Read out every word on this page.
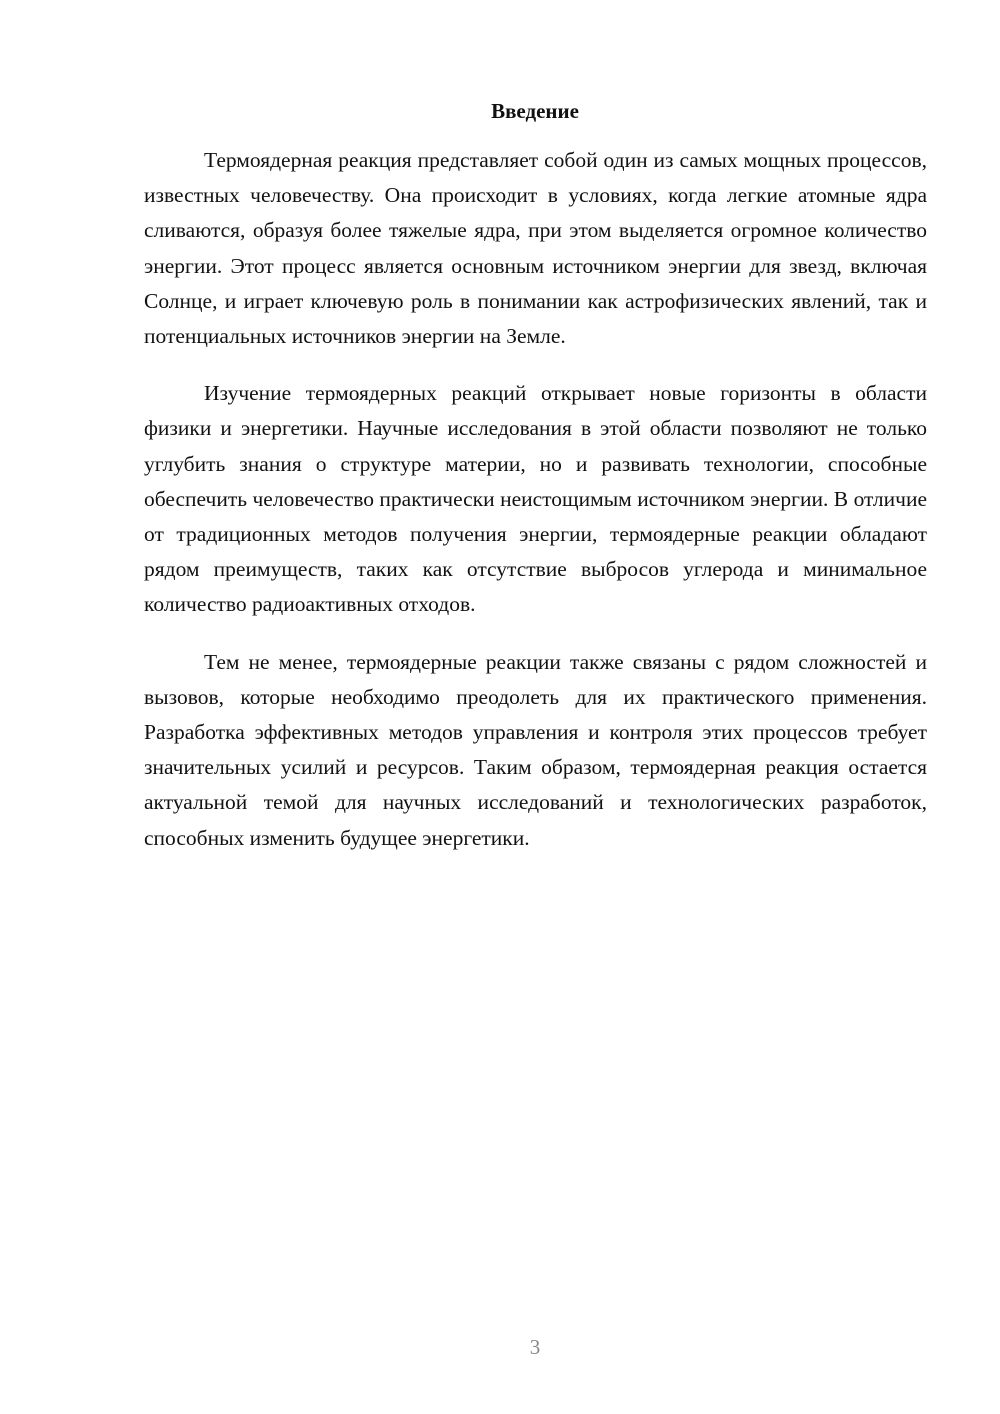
Введение

Термоядерная реакция представляет собой один из самых мощных процессов, известных человечеству. Она происходит в условиях, когда легкие атомные ядра сливаются, образуя более тяжелые ядра, при этом выделяется огромное количество энергии. Этот процесс является основным источником энергии для звезд, включая Солнце, и играет ключевую роль в понимании как астрофизических явлений, так и потенциальных источников энергии на Земле.

Изучение термоядерных реакций открывает новые горизонты в области физики и энергетики. Научные исследования в этой области позволяют не только углубить знания о структуре материи, но и развивать технологии, способные обеспечить человечество практически неистощимым источником энергии. В отличие от традиционных методов получения энергии, термоядерные реакции обладают рядом преимуществ, таких как отсутствие выбросов углерода и минимальное количество радиоактивных отходов.

Тем не менее, термоядерные реакции также связаны с рядом сложностей и вызовов, которые необходимо преодолеть для их практического применения. Разработка эффективных методов управления и контроля этих процессов требует значительных усилий и ресурсов. Таким образом, термоядерная реакция остается актуальной темой для научных исследований и технологических разработок, способных изменить будущее энергетики.

3
